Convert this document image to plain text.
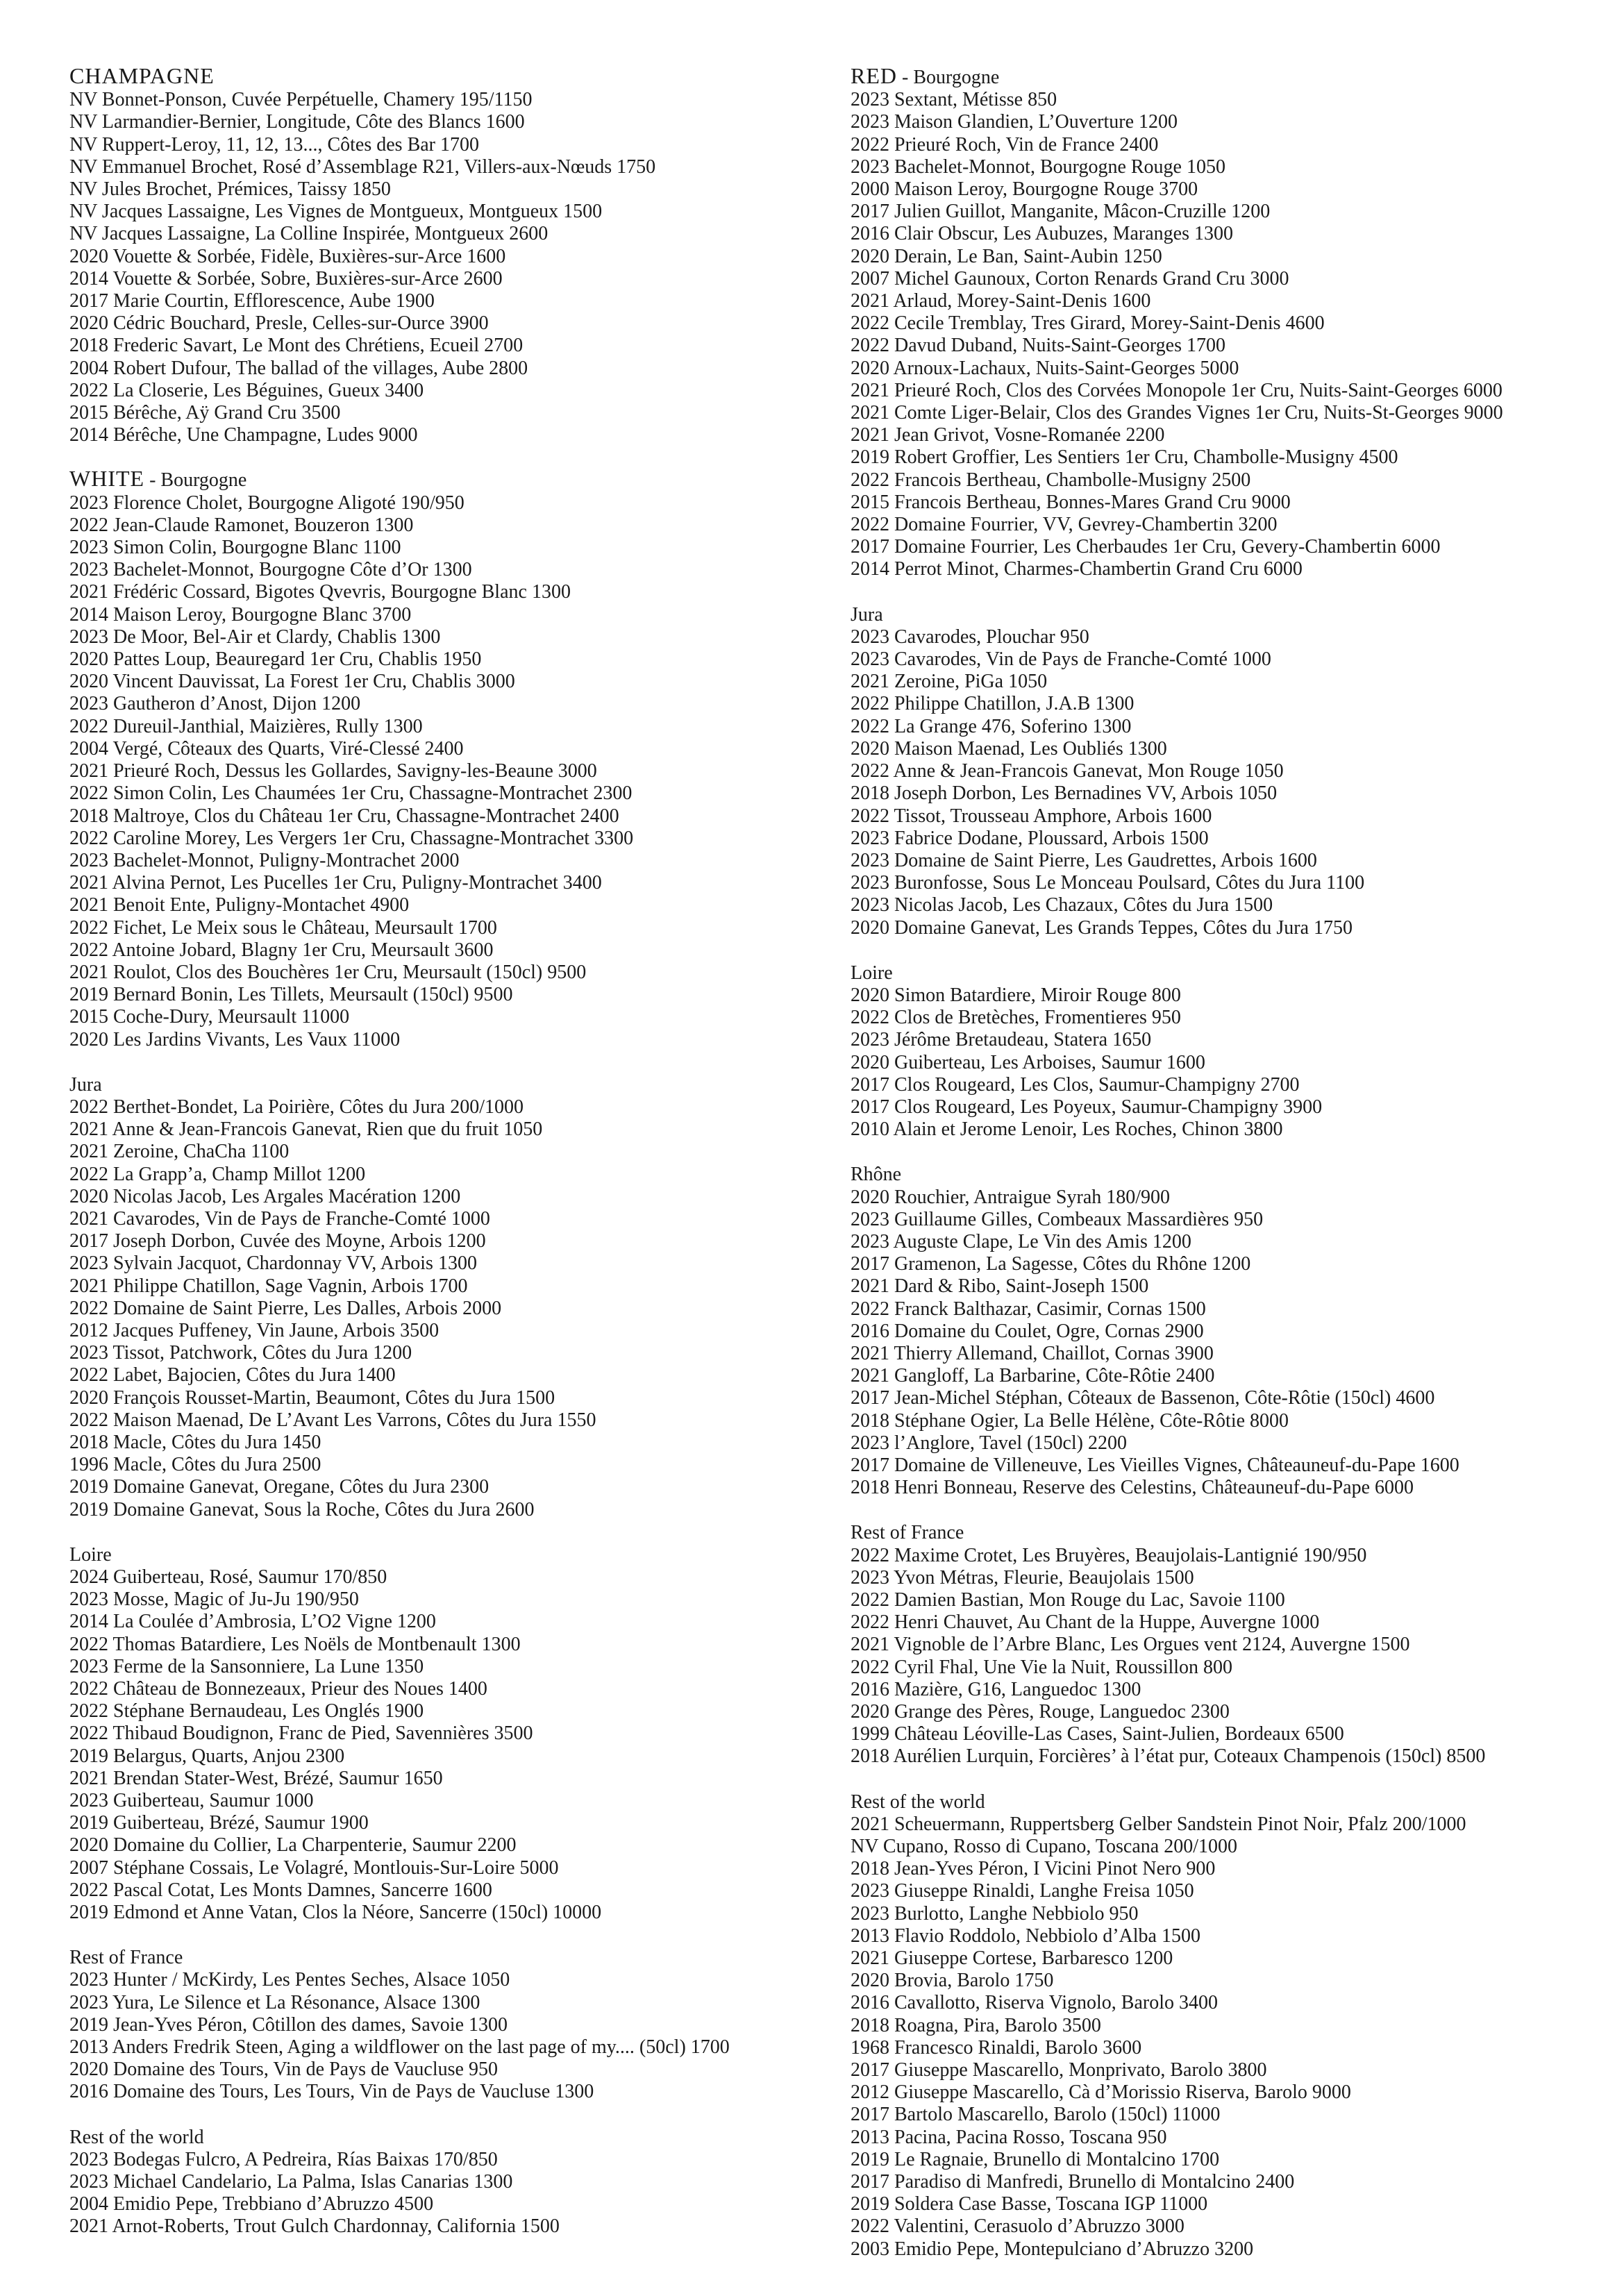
CHAMPAGNE
NV Bonnet-Ponson, Cuvée Perpétuelle, Chamery 195/1150
NV Larmandier-Bernier, Longitude, Côte des Blancs 1600
NV Ruppert-Leroy, 11, 12, 13..., Côtes des Bar 1700
NV Emmanuel Brochet, Rosé d’Assemblage R21, Villers-aux-Nœuds 1750
NV Jules Brochet, Prémices, Taissy 1850
NV Jacques Lassaigne, Les Vignes de Montgueux, Montgueux 1500
NV Jacques Lassaigne, La Colline Inspirée, Montgueux 2600
2020 Vouette & Sorbée, Fidèle, Buxières-sur-Arce 1600
2014 Vouette & Sorbée, Sobre, Buxières-sur-Arce 2600
2017 Marie Courtin, Efflorescence, Aube 1900
2020 Cédric Bouchard, Presle, Celles-sur-Ource 3900
2018 Frederic Savart, Le Mont des Chrétiens, Ecueil 2700
2004 Robert Dufour, The ballad of the villages, Aube 2800
2022 La Closerie, Les Béguines, Gueux 3400
2015 Bérêche, Aÿ Grand Cru 3500
2014 Bérêche, Une Champagne, Ludes 9000
WHITE - Bourgogne
2023 Florence Cholet, Bourgogne Aligoté 190/950
2022 Jean-Claude Ramonet, Bouzeron 1300
2023 Simon Colin, Bourgogne Blanc 1100
2023 Bachelet-Monnot, Bourgogne Côte d’Or 1300
2021 Frédéric Cossard, Bigotes Qvevris, Bourgogne Blanc 1300
2014 Maison Leroy, Bourgogne Blanc 3700
2023 De Moor, Bel-Air et Clardy, Chablis 1300
2020 Pattes Loup, Beauregard 1er Cru, Chablis 1950
2020 Vincent Dauvissat, La Forest 1er Cru, Chablis 3000
2023 Gautheron d’Anost, Dijon 1200
2022 Dureuil-Janthial, Maizières, Rully 1300
2004 Vergé, Côteaux des Quarts, Viré-Clessé 2400
2021 Prieuré Roch, Dessus les Gollardes, Savigny-les-Beaune 3000
2022 Simon Colin, Les Chaumées 1er Cru, Chassagne-Montrachet 2300
2018 Maltroye, Clos du Château 1er Cru, Chassagne-Montrachet 2400
2022 Caroline Morey, Les Vergers 1er Cru, Chassagne-Montrachet 3300
2023 Bachelet-Monnot, Puligny-Montrachet 2000
2021 Alvina Pernot, Les Pucelles 1er Cru, Puligny-Montrachet 3400
2021 Benoit Ente, Puligny-Montachet 4900
2022 Fichet, Le Meix sous le Château, Meursault 1700
2022 Antoine Jobard, Blagny 1er Cru, Meursault 3600
2021 Roulot, Clos des Bouchères 1er Cru, Meursault (150cl) 9500
2019 Bernard Bonin, Les Tillets, Meursault (150cl) 9500
2015 Coche-Dury, Meursault 11000
2020 Les Jardins Vivants, Les Vaux 11000
Jura
2022 Berthet-Bondet, La Poirière, Côtes du Jura 200/1000
2021 Anne & Jean-Francois Ganevat, Rien que du fruit 1050
2021 Zeroine, ChaCha 1100
2022 La Grapp’a, Champ Millot 1200
2020 Nicolas Jacob, Les Argales Macération 1200
2021 Cavarodes, Vin de Pays de Franche-Comté 1000
2017 Joseph Dorbon, Cuvée des Moyne, Arbois 1200
2023 Sylvain Jacquot, Chardonnay VV, Arbois 1300
2021 Philippe Chatillon, Sage Vagnin, Arbois 1700
2022 Domaine de Saint Pierre, Les Dalles, Arbois 2000
2012 Jacques Puffeney, Vin Jaune, Arbois 3500
2023 Tissot, Patchwork, Côtes du Jura 1200
2022 Labet, Bajocien, Côtes du Jura 1400
2020 François Rousset-Martin, Beaumont, Côtes du Jura 1500
2022 Maison Maenad, De L’Avant Les Varrons, Côtes du Jura 1550
2018 Macle, Côtes du Jura 1450
1996 Macle, Côtes du Jura 2500
2019 Domaine Ganevat, Oregane, Côtes du Jura 2300
2019 Domaine Ganevat, Sous la Roche, Côtes du Jura 2600
Loire
2024 Guiberteau, Rosé, Saumur 170/850
2023 Mosse, Magic of Ju-Ju 190/950
2014 La Coulée d’Ambrosia, L’O2 Vigne 1200
2022 Thomas Batardiere, Les Noëls de Montbenault 1300
2023 Ferme de la Sansonniere, La Lune 1350
2022 Château de Bonnezeaux, Prieur des Noues 1400
2022 Stéphane Bernaudeau, Les Onglés 1900
2022 Thibaud Boudignon, Franc de Pied, Savennières 3500
2019 Belargus, Quarts, Anjou 2300
2021 Brendan Stater-West, Brézé, Saumur 1650
2023 Guiberteau, Saumur 1000
2019 Guiberteau, Brézé, Saumur 1900
2020 Domaine du Collier, La Charpenterie, Saumur 2200
2007 Stéphane Cossais, Le Volagré, Montlouis-Sur-Loire 5000
2022 Pascal Cotat, Les Monts Damnes, Sancerre 1600
2019 Edmond et Anne Vatan, Clos la Néore, Sancerre (150cl) 10000
Rest of France
2023 Hunter / McKirdy, Les Pentes Seches, Alsace 1050
2023 Yura, Le Silence et La Résonance, Alsace 1300
2019 Jean-Yves Péron, Côtillon des dames, Savoie 1300
2013 Anders Fredrik Steen, Aging a wildflower on the last page of my.... (50cl) 1700
2020 Domaine des Tours, Vin de Pays de Vaucluse 950
2016 Domaine des Tours, Les Tours, Vin de Pays de Vaucluse 1300
Rest of the world
2023 Bodegas Fulcro, A Pedreira, Rías Baixas 170/850
2023 Michael Candelario, La Palma, Islas Canarias 1300
2004 Emidio Pepe, Trebbiano d’Abruzzo 4500
2021 Arnot-Roberts, Trout Gulch Chardonnay, California 1500
RED - Bourgogne
2023 Sextant, Métisse 850
2023 Maison Glandien, L’Ouverture 1200
2022 Prieuré Roch, Vin de France 2400
2023 Bachelet-Monnot, Bourgogne Rouge 1050
2000 Maison Leroy, Bourgogne Rouge 3700
2017 Julien Guillot, Manganite, Mâcon-Cruzille 1200
2016 Clair Obscur, Les Aubuzes, Maranges 1300
2020 Derain, Le Ban, Saint-Aubin 1250
2007 Michel Gaunoux, Corton Renards Grand Cru 3000
2021 Arlaud, Morey-Saint-Denis 1600
2022 Cecile Tremblay, Tres Girard, Morey-Saint-Denis 4600
2022 Davud Duband, Nuits-Saint-Georges 1700
2020 Arnoux-Lachaux, Nuits-Saint-Georges 5000
2021 Prieuré Roch, Clos des Corvées Monopole 1er Cru, Nuits-Saint-Georges 6000
2021 Comte Liger-Belair, Clos des Grandes Vignes 1er Cru, Nuits-St-Georges 9000
2021 Jean Grivot, Vosne-Romanée 2200
2019 Robert Groffier, Les Sentiers 1er Cru, Chambolle-Musigny 4500
2022 Francois Bertheau, Chambolle-Musigny 2500
2015 Francois Bertheau, Bonnes-Mares Grand Cru 9000
2022 Domaine Fourrier, VV, Gevrey-Chambertin 3200
2017 Domaine Fourrier, Les Cherbaudes 1er Cru, Gevery-Chambertin 6000
2014 Perrot Minot, Charmes-Chambertin Grand Cru 6000
Jura
2023 Cavarodes, Plouchar 950
2023 Cavarodes, Vin de Pays de Franche-Comté 1000
2021 Zeroine, PiGa 1050
2022 Philippe Chatillon, J.A.B 1300
2022 La Grange 476, Soferino 1300
2020 Maison Maenad, Les Oubliés 1300
2022 Anne & Jean-Francois Ganevat, Mon Rouge 1050
2018 Joseph Dorbon, Les Bernadines VV, Arbois 1050
2022 Tissot, Trousseau Amphore, Arbois 1600
2023 Fabrice Dodane, Ploussard, Arbois 1500
2023 Domaine de Saint Pierre, Les Gaudrettes, Arbois 1600
2023 Buronfosse, Sous Le Monceau Poulsard, Côtes du Jura 1100
2023 Nicolas Jacob, Les Chazaux, Côtes du Jura 1500
2020 Domaine Ganevat, Les Grands Teppes, Côtes du Jura 1750
Loire
2020 Simon Batardiere, Miroir Rouge 800
2022 Clos de Bretèches, Fromentieres 950
2023 Jérôme Bretaudeau, Statera 1650
2020 Guiberteau, Les Arboises, Saumur 1600
2017 Clos Rougeard, Les Clos, Saumur-Champigny 2700
2017 Clos Rougeard, Les Poyeux, Saumur-Champigny 3900
2010 Alain et Jerome Lenoir, Les Roches, Chinon 3800
Rhône
2020 Rouchier, Antraigue Syrah 180/900
2023 Guillaume Gilles, Combeaux Massardières 950
2023 Auguste Clape, Le Vin des Amis 1200
2017 Gramenon, La Sagesse, Côtes du Rhône 1200
2021 Dard & Ribo, Saint-Joseph 1500
2022 Franck Balthazar, Casimir, Cornas 1500
2016 Domaine du Coulet, Ogre, Cornas 2900
2021 Thierry Allemand, Chaillot, Cornas 3900
2021 Gangloff, La Barbarine, Côte-Rôtie 2400
2017 Jean-Michel Stéphan, Côteaux de Bassenon, Côte-Rôtie (150cl) 4600
2018 Stéphane Ogier, La Belle Hélène, Côte-Rôtie 8000
2023 l’Anglore, Tavel (150cl) 2200
2017 Domaine de Villeneuve, Les Vieilles Vignes, Châteauneuf-du-Pape 1600
2018 Henri Bonneau, Reserve des Celestins, Châteauneuf-du-Pape 6000
Rest of France
2022 Maxime Crotet, Les Bruyères, Beaujolais-Lantignié 190/950
2023 Yvon Métras, Fleurie, Beaujolais 1500
2022 Damien Bastian, Mon Rouge du Lac, Savoie 1100
2022 Henri Chauvet, Au Chant de la Huppe, Auvergne 1000
2021 Vignoble de l’Arbre Blanc, Les Orgues vent 2124, Auvergne 1500
2022 Cyril Fhal, Une Vie la Nuit, Roussillon 800
2016 Mazière, G16, Languedoc 1300
2020 Grange des Pères, Rouge, Languedoc 2300
1999 Château Léoville-Las Cases, Saint-Julien, Bordeaux 6500
2018 Aurélien Lurquin, Forcières’ à l’état pur, Coteaux Champenois (150cl) 8500
Rest of the world
2021 Scheuermann, Ruppertsberg Gelber Sandstein Pinot Noir, Pfalz 200/1000
NV Cupano, Rosso di Cupano, Toscana 200/1000
2018 Jean-Yves Péron, I Vicini Pinot Nero 900
2023 Giuseppe Rinaldi, Langhe Freisa 1050
2023 Burlotto, Langhe Nebbiolo 950
2013 Flavio Roddolo, Nebbiolo d’Alba 1500
2021 Giuseppe Cortese, Barbaresco 1200
2020 Brovia, Barolo 1750
2016 Cavallotto, Riserva Vignolo, Barolo 3400
2018 Roagna, Pira, Barolo 3500
1968 Francesco Rinaldi, Barolo 3600
2017 Giuseppe Mascarello, Monprivato, Barolo 3800
2012 Giuseppe Mascarello, Cà d’Morissio Riserva, Barolo 9000
2017 Bartolo Mascarello, Barolo (150cl) 11000
2013 Pacina, Pacina Rosso, Toscana 950
2019 Le Ragnaie, Brunello di Montalcino 1700
2017 Paradiso di Manfredi, Brunello di Montalcino 2400
2019 Soldera Case Basse, Toscana IGP 11000
2022 Valentini, Cerasuolo d’Abruzzo 3000
2003 Emidio Pepe, Montepulciano d’Abruzzo 3200
